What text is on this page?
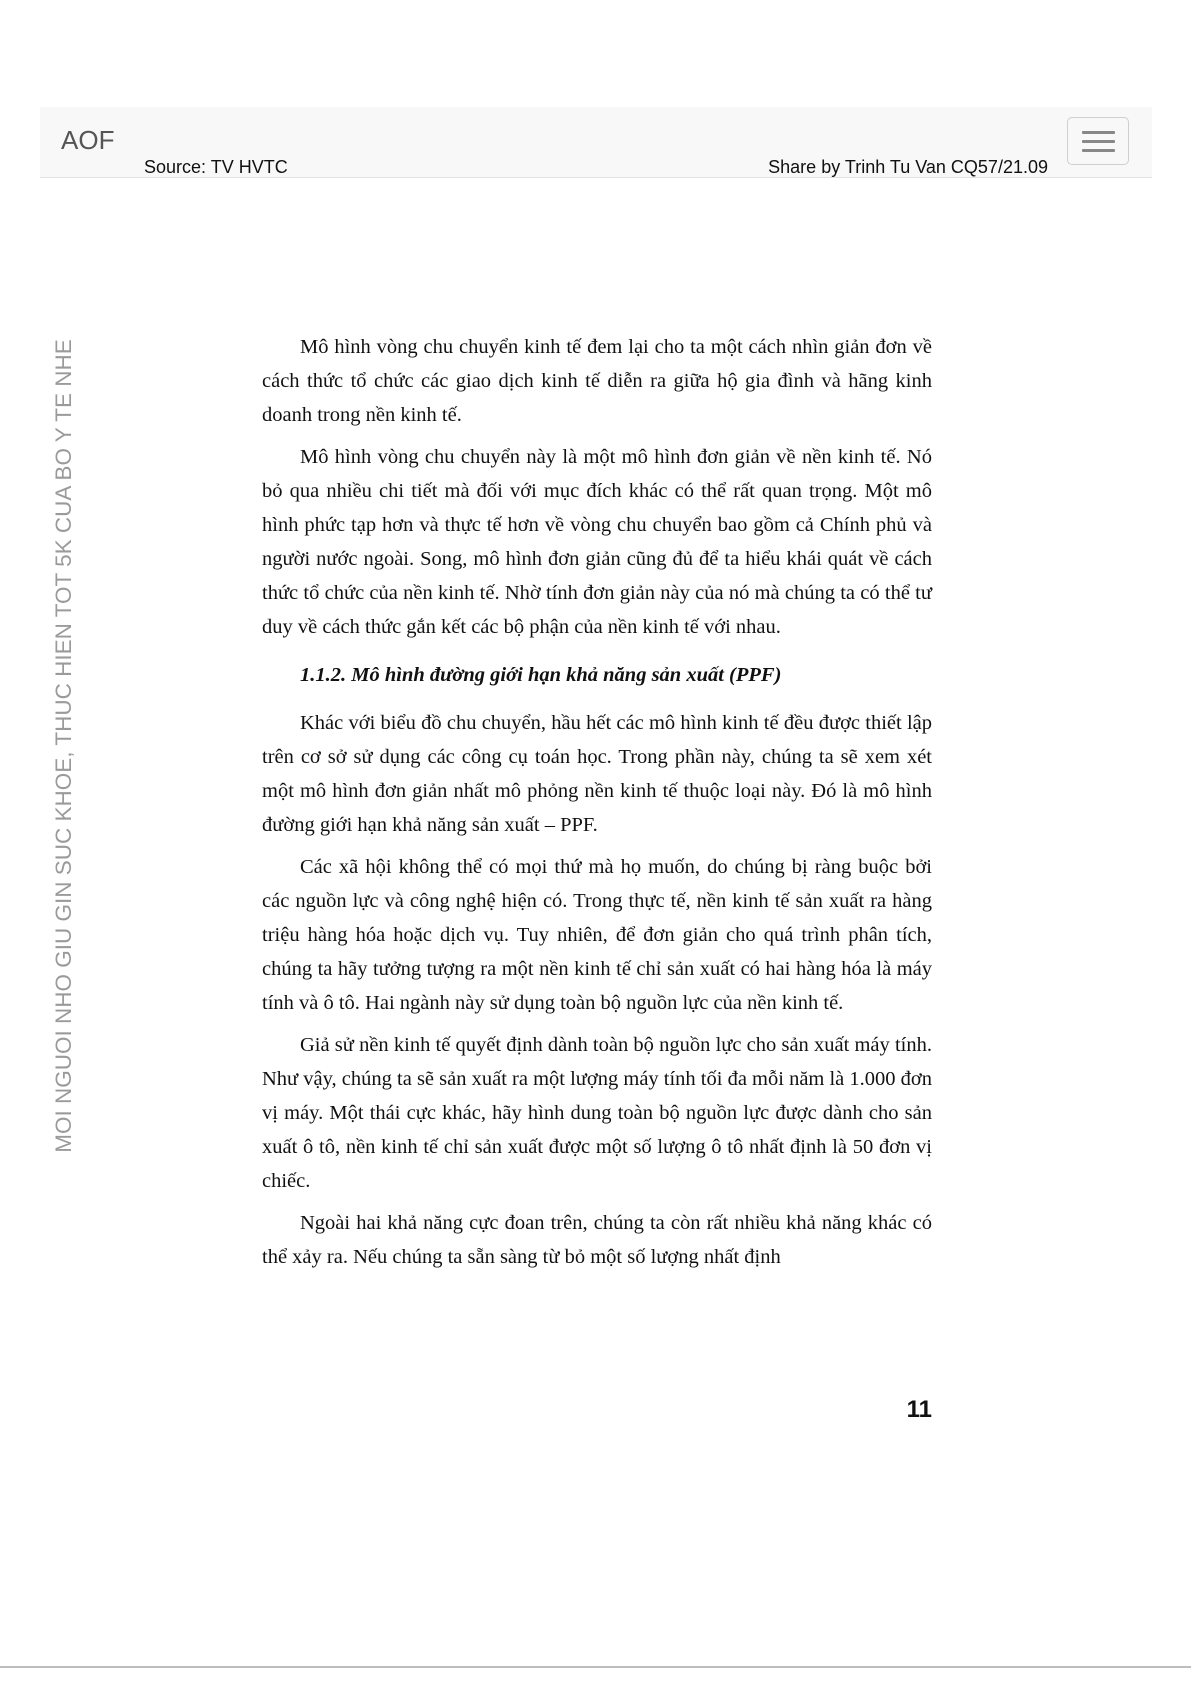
AOF
Source: TV HVTC	Share by Trinh Tu Van CQ57/21.09
MOI NGUOI NHO GIU GIN SUC KHOE, THUC HIEN TOT 5K CUA BO Y TE NHE	Mô hình vòng chu chuyển kinh tế đem lại cho ta một cách nhìn giản đơn về cách thức tổ chức các giao dịch kinh tế diễn ra giữa hộ gia đình và hãng kinh doanh trong nền kinh tế.

Mô hình vòng chu chuyển này là một mô hình đơn giản về nền kinh tế. Nó bỏ qua nhiều chi tiết mà đối với mục đích khác có thể rất quan trọng. Một mô hình phức tạp hơn và thực tế hơn về vòng chu chuyển bao gồm cả Chính phủ và người nước ngoài. Song, mô hình đơn giản cũng đủ để ta hiểu khái quát về cách thức tổ chức của nền kinh tế. Nhờ tính đơn giản này của nó mà chúng ta có thể tư duy về cách thức gắn kết các bộ phận của nền kinh tế với nhau.

1.1.2. Mô hình đường giới hạn khả năng sản xuất (PPF)

Khác với biểu đồ chu chuyển, hầu hết các mô hình kinh tế đều được thiết lập trên cơ sở sử dụng các công cụ toán học. Trong phần này, chúng ta sẽ xem xét một mô hình đơn giản nhất mô phỏng nền kinh tế thuộc loại này. Đó là mô hình đường giới hạn khả năng sản xuất – PPF.

Các xã hội không thể có mọi thứ mà họ muốn, do chúng bị ràng buộc bởi các nguồn lực và công nghệ hiện có. Trong thực tế, nền kinh tế sản xuất ra hàng triệu hàng hóa hoặc dịch vụ. Tuy nhiên, để đơn giản cho quá trình phân tích, chúng ta hãy tưởng tượng ra một nền kinh tế chỉ sản xuất có hai hàng hóa là máy tính và ô tô. Hai ngành này sử dụng toàn bộ nguồn lực của nền kinh tế.

Giả sử nền kinh tế quyết định dành toàn bộ nguồn lực cho sản xuất máy tính. Như vậy, chúng ta sẽ sản xuất ra một lượng máy tính tối đa mỗi năm là 1.000 đơn vị máy. Một thái cực khác, hãy hình dung toàn bộ nguồn lực được dành cho sản xuất ô tô, nền kinh tế chỉ sản xuất được một số lượng ô tô nhất định là 50 đơn vị chiếc.

Ngoài hai khả năng cực đoan trên, chúng ta còn rất nhiều khả năng khác có thể xảy ra. Nếu chúng ta sẵn sàng từ bỏ một số lượng nhất định

11
